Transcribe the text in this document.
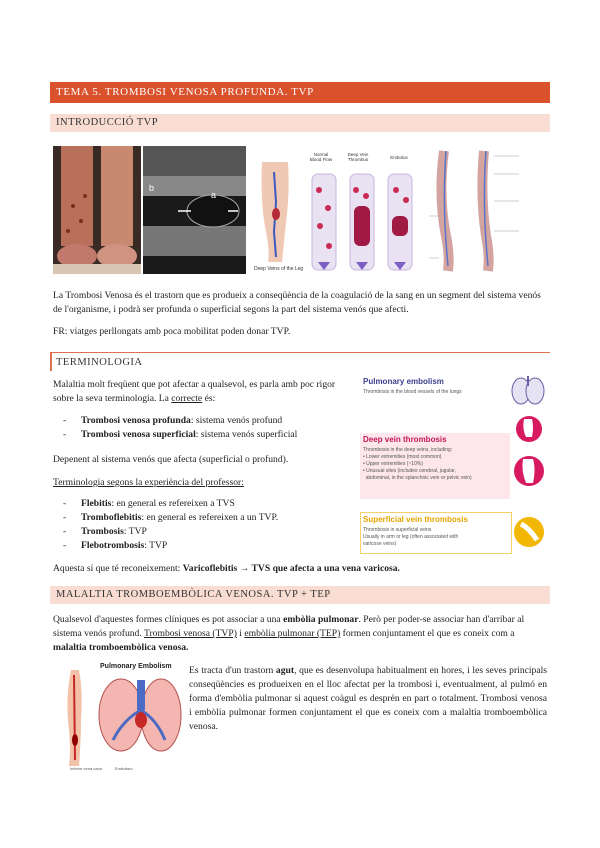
TEMA 5. TROMBOSI VENOSA PROFUNDA. TVP
INTRODUCCIÓ TVP
b
a
Deep Veins of the Leg
Normal
Blood Flow
Deep Vein
Thrombus	Embolus

La Trombosi Venosa és el trastorn que es produeix a conseqüència de la coagulació de la sang en un segment del sistema venós de l'organisme, i podrà ser profunda o superficial segons la part del sistema venós que afecti.

FR: viatges perllongats amb poca mobilitat poden donar TVP.

TERMINOLOGIA

Malaltia molt freqüent que pot afectar a qualsevol, es parla amb poc rigor sobre la seva terminologia. La correcte és:

- Trombosi venosa profunda: sistema venós profund
- Trombosi venosa superficial: sistema venós superficial

Depenent al sistema venós que afecta (superficial o profund).

Terminologia segons la experiència del professor:

- Flebitis: en general es refereixen a TVS
- Tromboflebitis: en general es refereixen a un TVP.
- Trombosis: TVP
- Flebotrombosis: TVP

Aquesta sí que té reconeixement: Varicoflebitis → TVS que afecta a una vena varicosa.

Pulmonary embolism
Thrombosis in the blood vessels of the lungs
Deep vein thrombosis
Thrombosis in the deep veins, including:
• Lower extremities (most common)
• Upper extremities (~10%)
• Unusual sites (includes cerebral, jugular,
abdominal, in the splanchnic vein or pelvic vein)
Superficial vein thrombosis
Thrombosis in superficial veins
Usually in arm or leg (often associated with
varicose veins)
MALALTIA TROMBOEMBÒLICA VENOSA. TVP + TEP

Qualsevol d'aquestes formes clíniques es pot associar a una embòlia pulmonar. Però per poder-se associar han d'arribar al sistema venós profund. Trombosi venosa (TVP) i embòlia pulmonar (TEP) formen conjuntament el que es coneix com a malaltia tromboembòlica venosa.

Pulmonary Embolism
Inferior vena cava	Embolism

Es tracta d'un trastorn agut, que es desenvolupa habitualment en hores, i les seves principals conseqüències es produeixen en el lloc afectat per la trombosi i, eventualment, al pulmó en forma d'embòlia pulmonar si aquest coàgul es desprèn en part o totalment. Trombosi venosa i embòlia pulmonar formen conjuntament el que es coneix com a malaltia tromboembòlica venosa.
